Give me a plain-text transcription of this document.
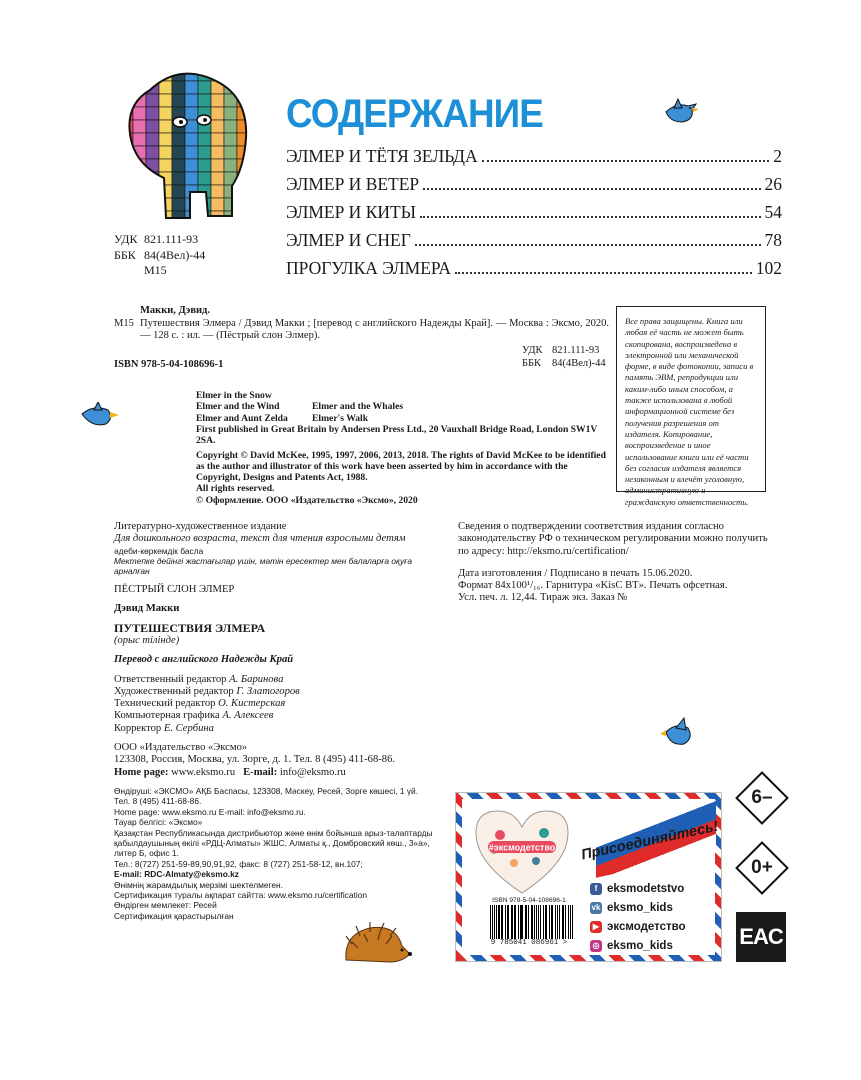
СОДЕРЖАНИЕ
ЭЛМЕР И ТЁТЯ ЗЕЛЬДА	2
ЭЛМЕР И ВЕТЕР	26
ЭЛМЕР И КИТЫ	54
ЭЛМЕР И СНЕГ	78
ПРОГУЛКА ЭЛМЕРА	102
УДК 821.111-93
ББК 84(4Вел)-44
М15
Макки, Дэвид.
М15 Путешествия Элмера / Дэвид Макки ; [перевод с английского Надежды Край]. — Москва : Эксмо, 2020. — 128 с. : ил. — (Пёстрый слон Элмер).
УДК 821.111-93
ББК 84(4Вел)-44
ISBN 978-5-04-108696-1
Все права защищены. Книга или любая её часть не может быть скопирована, воспроизведена в электронной или механической форме, в виде фотокопии, записи в память ЭВМ, репродукции или каким-либо иным способом, а также использована в любой информационной системе без получения разрешения от издателя. Копирование, воспроизведение и иное использование книги или её части без согласия издателя является незаконным и влечёт уголовную, административную и гражданскую ответственность.
Elmer in the Snow
Elmer and the Wind	Elmer and the Whales
Elmer and Aunt Zelda	Elmer's Walk
First published in Great Britain by Andersen Press Ltd., 20 Vauxhall Bridge Road, London SW1V 2SA.
Copyright © David McKee, 1995, 1997, 2006, 2013, 2018. The rights of David McKee to be identified as the author and illustrator of this work have been asserted by him in accordance with the Copyright, Designs and Patents Act, 1988.
All rights reserved.
© Оформление. ООО «Издательство «Эксмо», 2020
Литературно-художественное издание
Для дошкольного возраста, текст для чтения взрослыми детям
әдеби-көркемдік басла
Мектепке дейінгі жастағылар үшін, мәтін ересектер мен балаларға оқуға арналған
ПЁСТРЫЙ СЛОН ЭЛМЕР
Дэвид Макки
ПУТЕШЕСТВИЯ ЭЛМЕРА
(орыс тілінде)
Перевод с английского Надежды Край
Ответственный редактор А. Баринова
Художественный редактор Г. Златогоров
Технический редактор О. Кистерская
Компьютерная графика А. Алексеев
Корректор Е. Сербина
ООО «Издательство «Эксмо»
123308, Россия, Москва, ул. Зорге, д. 1. Тел. 8 (495) 411-68-86.
Home page: www.eksmo.ru E-mail: info@eksmo.ru
Өндіруші: «ЭКСМО» АҚБ Баспасы, 123308, Мәскеу, Ресей, Зорге көшесі, 1 үй.
Тел. 8 (495) 411-68-86.
Home page: www.eksmo.ru E-mail: info@eksmo.ru.
Тауар белгісі: «Эксмо»
Қазақстан Республикасында дистрибьютор және өнім бойынша арыз-талаптарды қабылдаушының өкілі «РДЦ-Алматы» ЖШС, Алматы қ., Домбровский көш., 3«а», литер Б, офис 1.
Тел.: 8(727) 251-59-89,90,91,92, факс: 8 (727) 251-58-12, вн.107;
E-mail: RDC-Almaty@eksmo.kz
Өнімнің жарамдылық мерзімі шектелмеген.
Сертификация туралы ақпарат сайтта: www.eksmo.ru/certification
Өндірген мемлекет: Ресей
Сертификация қарастырылған
Сведения о подтверждении соответствия издания согласно законодательству РФ о техническом регулировании можно получить по адресу: http://eksmo.ru/certification/
Дата изготовления / Подписано в печать 15.06.2020.
Формат 84x100¹/₁₆. Гарнитура «KisC BT». Печать офсетная.
Усл. печ. л. 12,44. Тираж экз. Заказ №
#эксмодетство Присоединяйтесь!
ISBN 978-5-04-108696-1
9 785041 086961 >
f eksmodetstvo
vk eksmo_kids
▶ эксмодетство
◎ eksmo_kids
6–
0+
EAC
